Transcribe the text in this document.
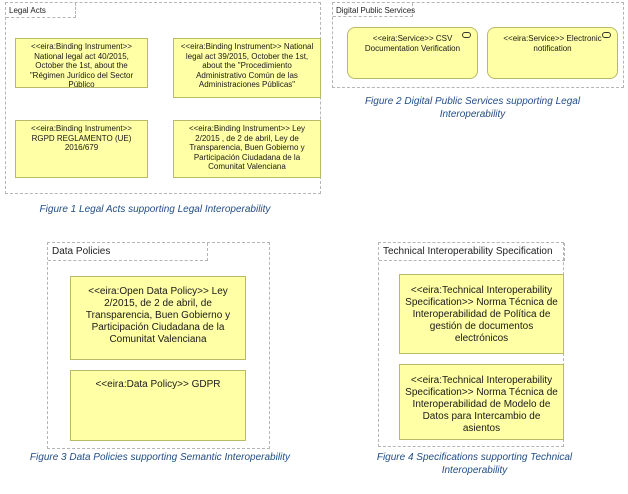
Legal Acts
<<eira:Binding Instrument>> National legal act 40/2015, October the 1st, about the "Régimen Jurídico del Sector Público
<<eira:Binding Instrument>> National legal act 39/2015, October the 1st, about the "Procedimiento Administrativo Común de las Administraciones Públicas"
<<eira:Binding Instrument>> RGPD REGLAMENTO (UE) 2016/679
<<eira:Binding Instrument>> Ley 2/2015 , de 2 de abril, Ley de Transparencia, Buen Gobierno y Participación Ciudadana de la Comunitat Valenciana
Figure 1 Legal Acts supporting Legal Interoperability
Digital Public Services
<<eira:Service>> CSV Documentation Verification
<<eira:Service>> Electronic notification
Figure 2 Digital Public Services supporting Legal Interoperability
Data Policies
<<eira:Open Data Policy>> Ley 2/2015, de 2 de abril, de Transparencia, Buen Gobierno y Participación Ciudadana de la Comunitat Valenciana
<<eira:Data Policy>> GDPR
Figure 3 Data Policies supporting Semantic Interoperability
Technical Interoperability Specification
<<eira:Technical Interoperability Specification>> Norma Técnica de Interoperabilidad de Política de gestión de documentos electrónicos
<<eira:Technical Interoperability Specification>> Norma Técnica de Interoperabilidad de Modelo de Datos para Intercambio de asientos
Figure 4 Specifications supporting Technical Interoperability
